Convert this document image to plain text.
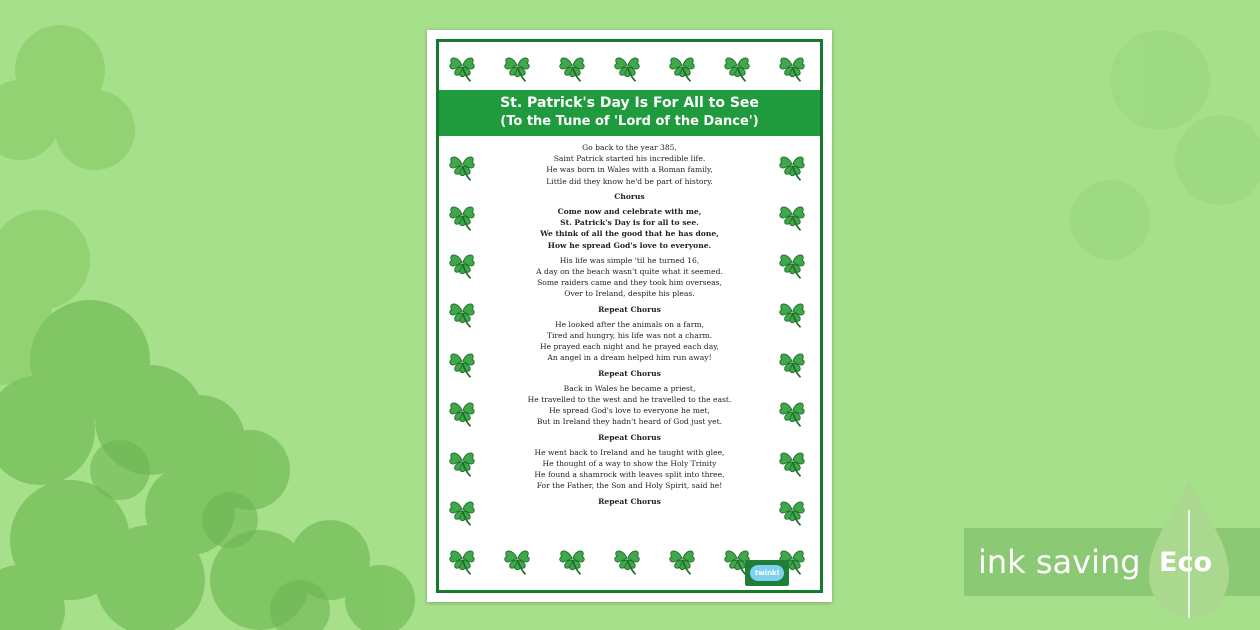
St. Patrick's Day Is For All to See
(To the Tune of 'Lord of the Dance')
Go back to the year 385,
Saint Patrick started his incredible life.
He was born in Wales with a Roman family,
Little did they know he'd be part of history.
Chorus
Come now and celebrate with me,
St. Patrick's Day is for all to see.
We think of all the good that he has done,
How he spread God's love to everyone.
His life was simple 'til he turned 16,
A day on the beach wasn't quite what it seemed.
Some raiders came and they took him overseas,
Over to Ireland, despite his pleas.
Repeat Chorus
He looked after the animals on a farm,
Tired and hungry, his life was not a charm.
He prayed each night and he prayed each day,
An angel in a dream helped him run away!
Repeat Chorus
Back in Wales he became a priest,
He travelled to the west and he travelled to the east.
He spread God's love to everyone he met,
But in Ireland they hadn't heard of God just yet.
Repeat Chorus
He went back to Ireland and he taught with glee,
He thought of a way to show the Holy Trinity
He found a shamrock with leaves split into three,
For the Father, the Son and Holy Spirit, said he!
Repeat Chorus
twinkl	ink saving Eco
